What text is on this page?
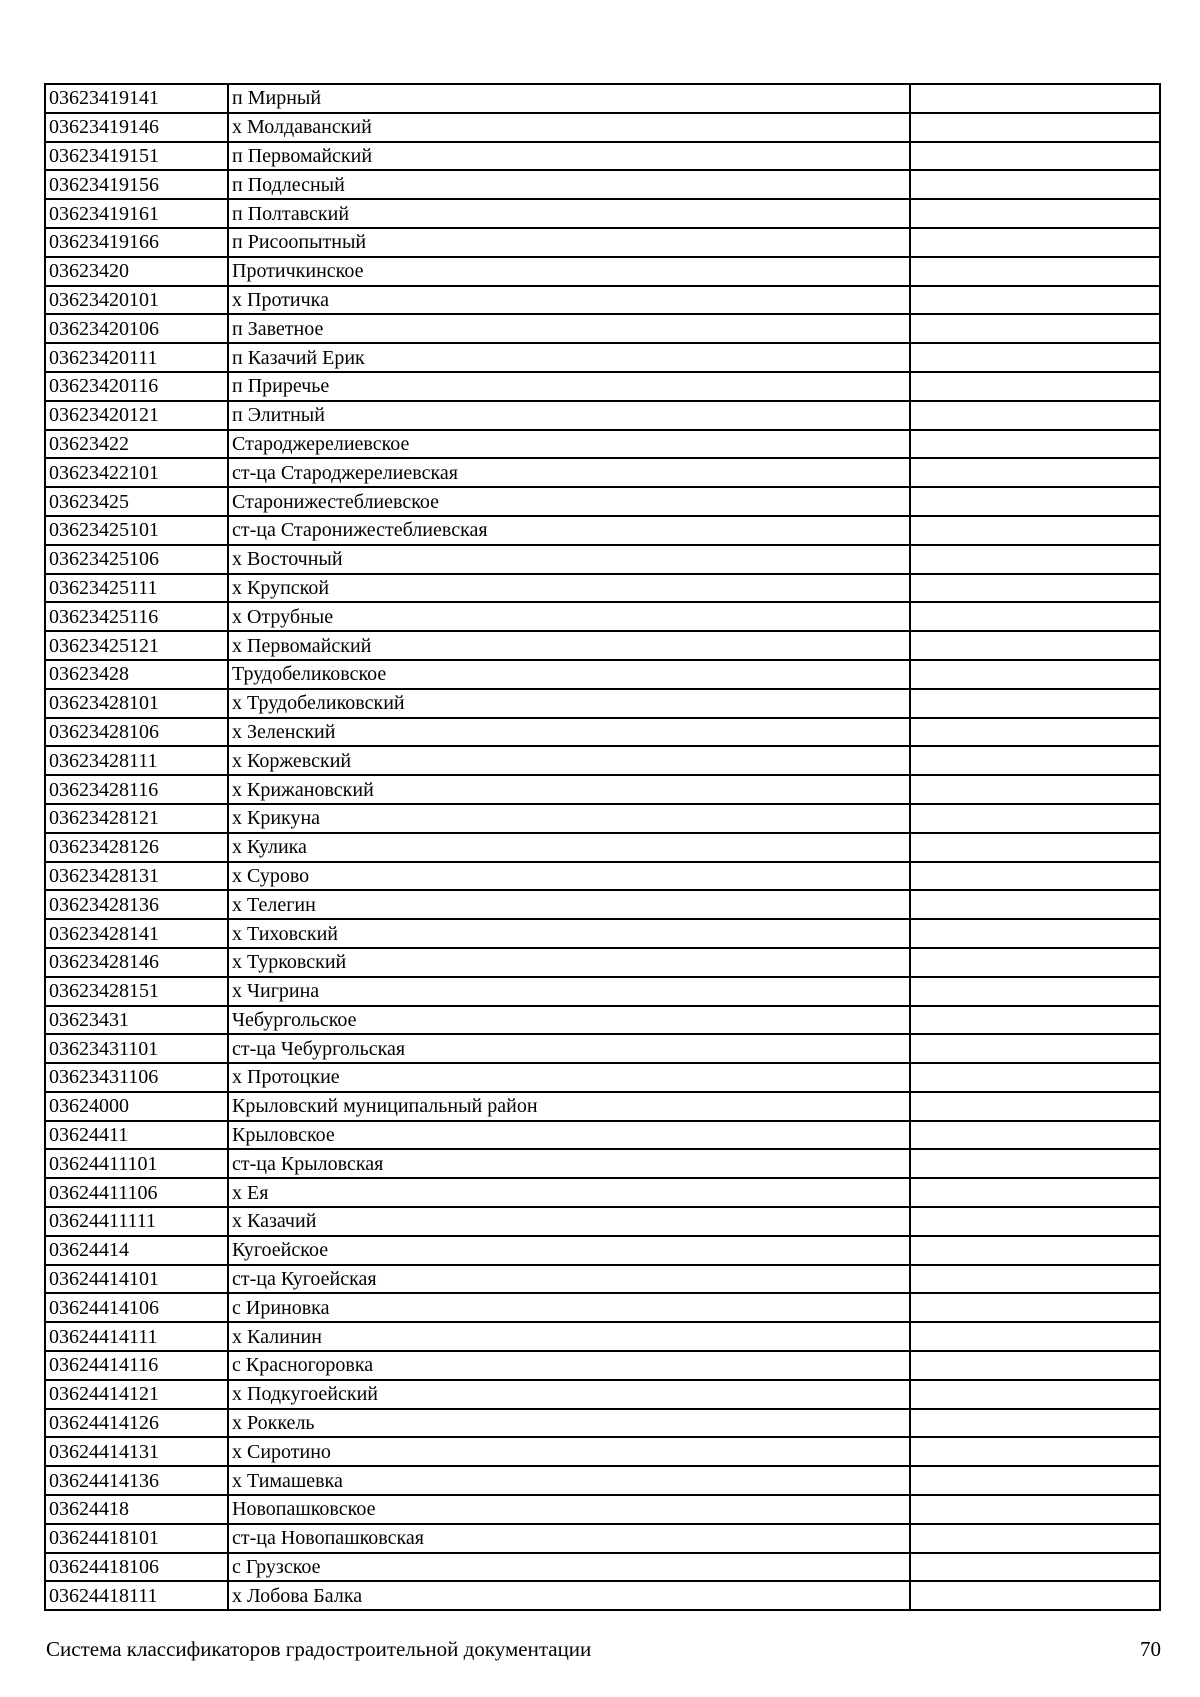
03623419141	п Мирный	
03623419146	х Молдаванский	
03623419151	п Первомайский	
03623419156	п Подлесный	
03623419161	п Полтавский	
03623419166	п Рисоопытный	
03623420	Протичкинское	
03623420101	х Протичка	
03623420106	п Заветное	
03623420111	п Казачий Ерик	
03623420116	п Приречье	
03623420121	п Элитный	
03623422	Староджерелиевское	
03623422101	ст-ца Староджерелиевская	
03623425	Старонижестеблиевское	
03623425101	ст-ца Старонижестеблиевская	
03623425106	х Восточный	
03623425111	х Крупской	
03623425116	х Отрубные	
03623425121	х Первомайский	
03623428	Трудобеликовское	
03623428101	х Трудобеликовский	
03623428106	х Зеленский	
03623428111	х Коржевский	
03623428116	х Крижановский	
03623428121	х Крикуна	
03623428126	х Кулика	
03623428131	х Сурово	
03623428136	х Телегин	
03623428141	х Тиховский	
03623428146	х Турковский	
03623428151	х Чигрина	
03623431	Чебургольское	
03623431101	ст-ца Чебургольская	
03623431106	х Протоцкие	
03624000	Крыловский муниципальный район	
03624411	Крыловское	
03624411101	ст-ца Крыловская	
03624411106	х Ея	
03624411111	х Казачий	
03624414	Кугоейское	
03624414101	ст-ца Кугоейская	
03624414106	с Ириновка	
03624414111	х Калинин	
03624414116	с Красногоровка	
03624414121	х Подкугоейский	
03624414126	х Роккель	
03624414131	х Сиротино	
03624414136	х Тимашевка	
03624418	Новопашковское	
03624418101	ст-ца Новопашковская	
03624418106	с Грузское	
03624418111	х Лобова Балка	
Система классификаторов градостроительной документации	70
